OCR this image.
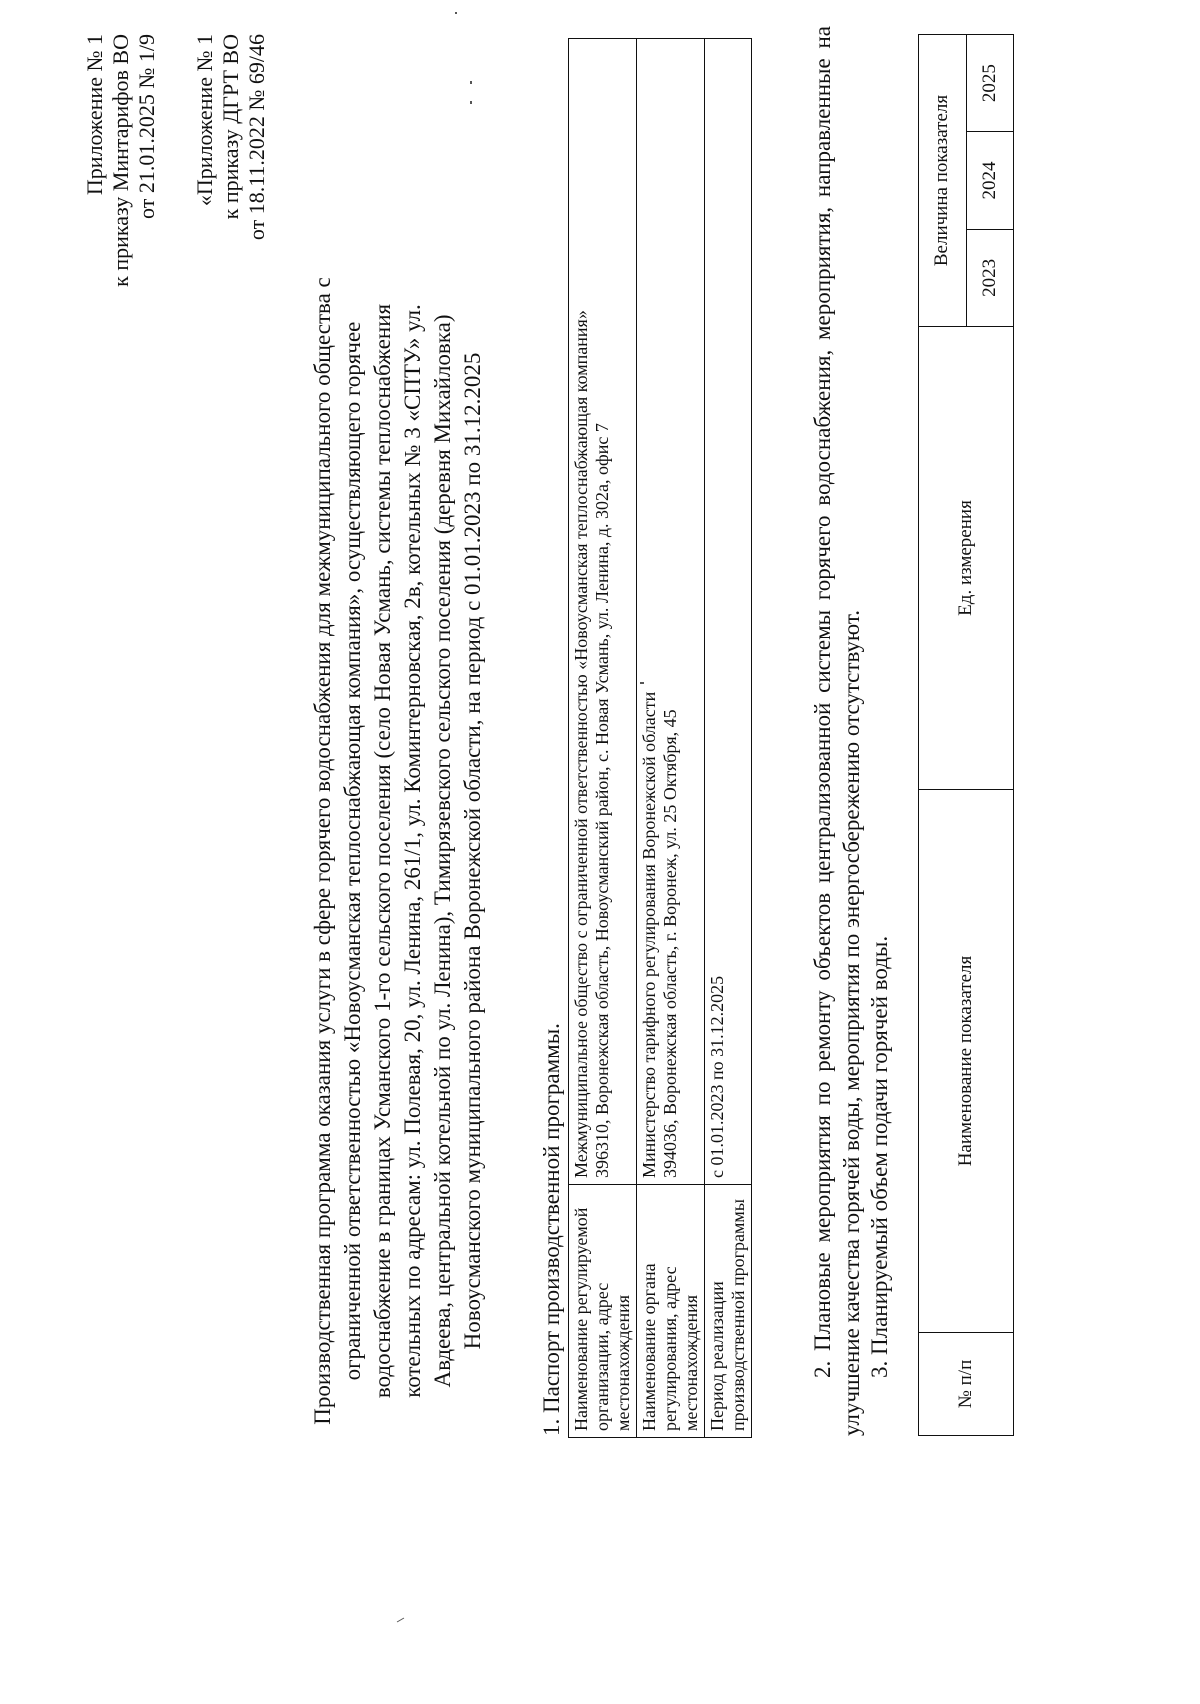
Приложение № 1 к приказу Минтарифов ВО от 21.01.2025 № 1/9 «Приложение № 1 к приказу ДГРТ ВО от 18.11.2022 № 69/46
Производственная программа оказания услуги в сфере горячего водоснабжения для межмуниципального общества с ограниченной ответственностью «Новоусманская теплоснабжающая компания», осуществляющего горячее водоснабжение в границах Усманского 1-го сельского поселения (село Новая Усмань, системы теплоснабжения котельных по адресам: ул. Полевая, 20, ул. Ленина, 261/1, ул. Коминтерновская, 2в, котельных № 3 «СПТУ» ул. Авдеева, центральной котельной по ул. Ленина), Тимирязевского сельского поселения (деревня Михайловка) Новоусманского муниципального района Воронежской области, на период с 01.01.2023 по 31.12.2025 1. Паспорт производственной программы. Наименование регулируемой организации, адрес местонахождения	Межмуниципальное общество с ограниченной ответственностью «Новоусманская теплоснабжающая компания» 396310, Воронежская область, Новоусманский район, с. Новая Усмань, ул. Ленина, д. 302а, офис 7

Наименование органа регулирования, адрес местонахождения	Министерство тарифного регулирования Воронежской области 394036, Воронежская область, г. Воронеж, ул. 25 Октября, 45

Период реализации производственной программы	с 01.01.2023 по 31.12.2025	2. Плановые мероприятия по ремонту объектов централизованной системы горячего водоснабжения, мероприятия, направленные на улучшение качества горячей воды, мероприятия по энергосбережению отсутствуют. 3. Планируемый объем подачи горячей воды.
№ п/п	Наименование показателя	Ед. измерения	Величина показателя		
			2023	2024	2025
